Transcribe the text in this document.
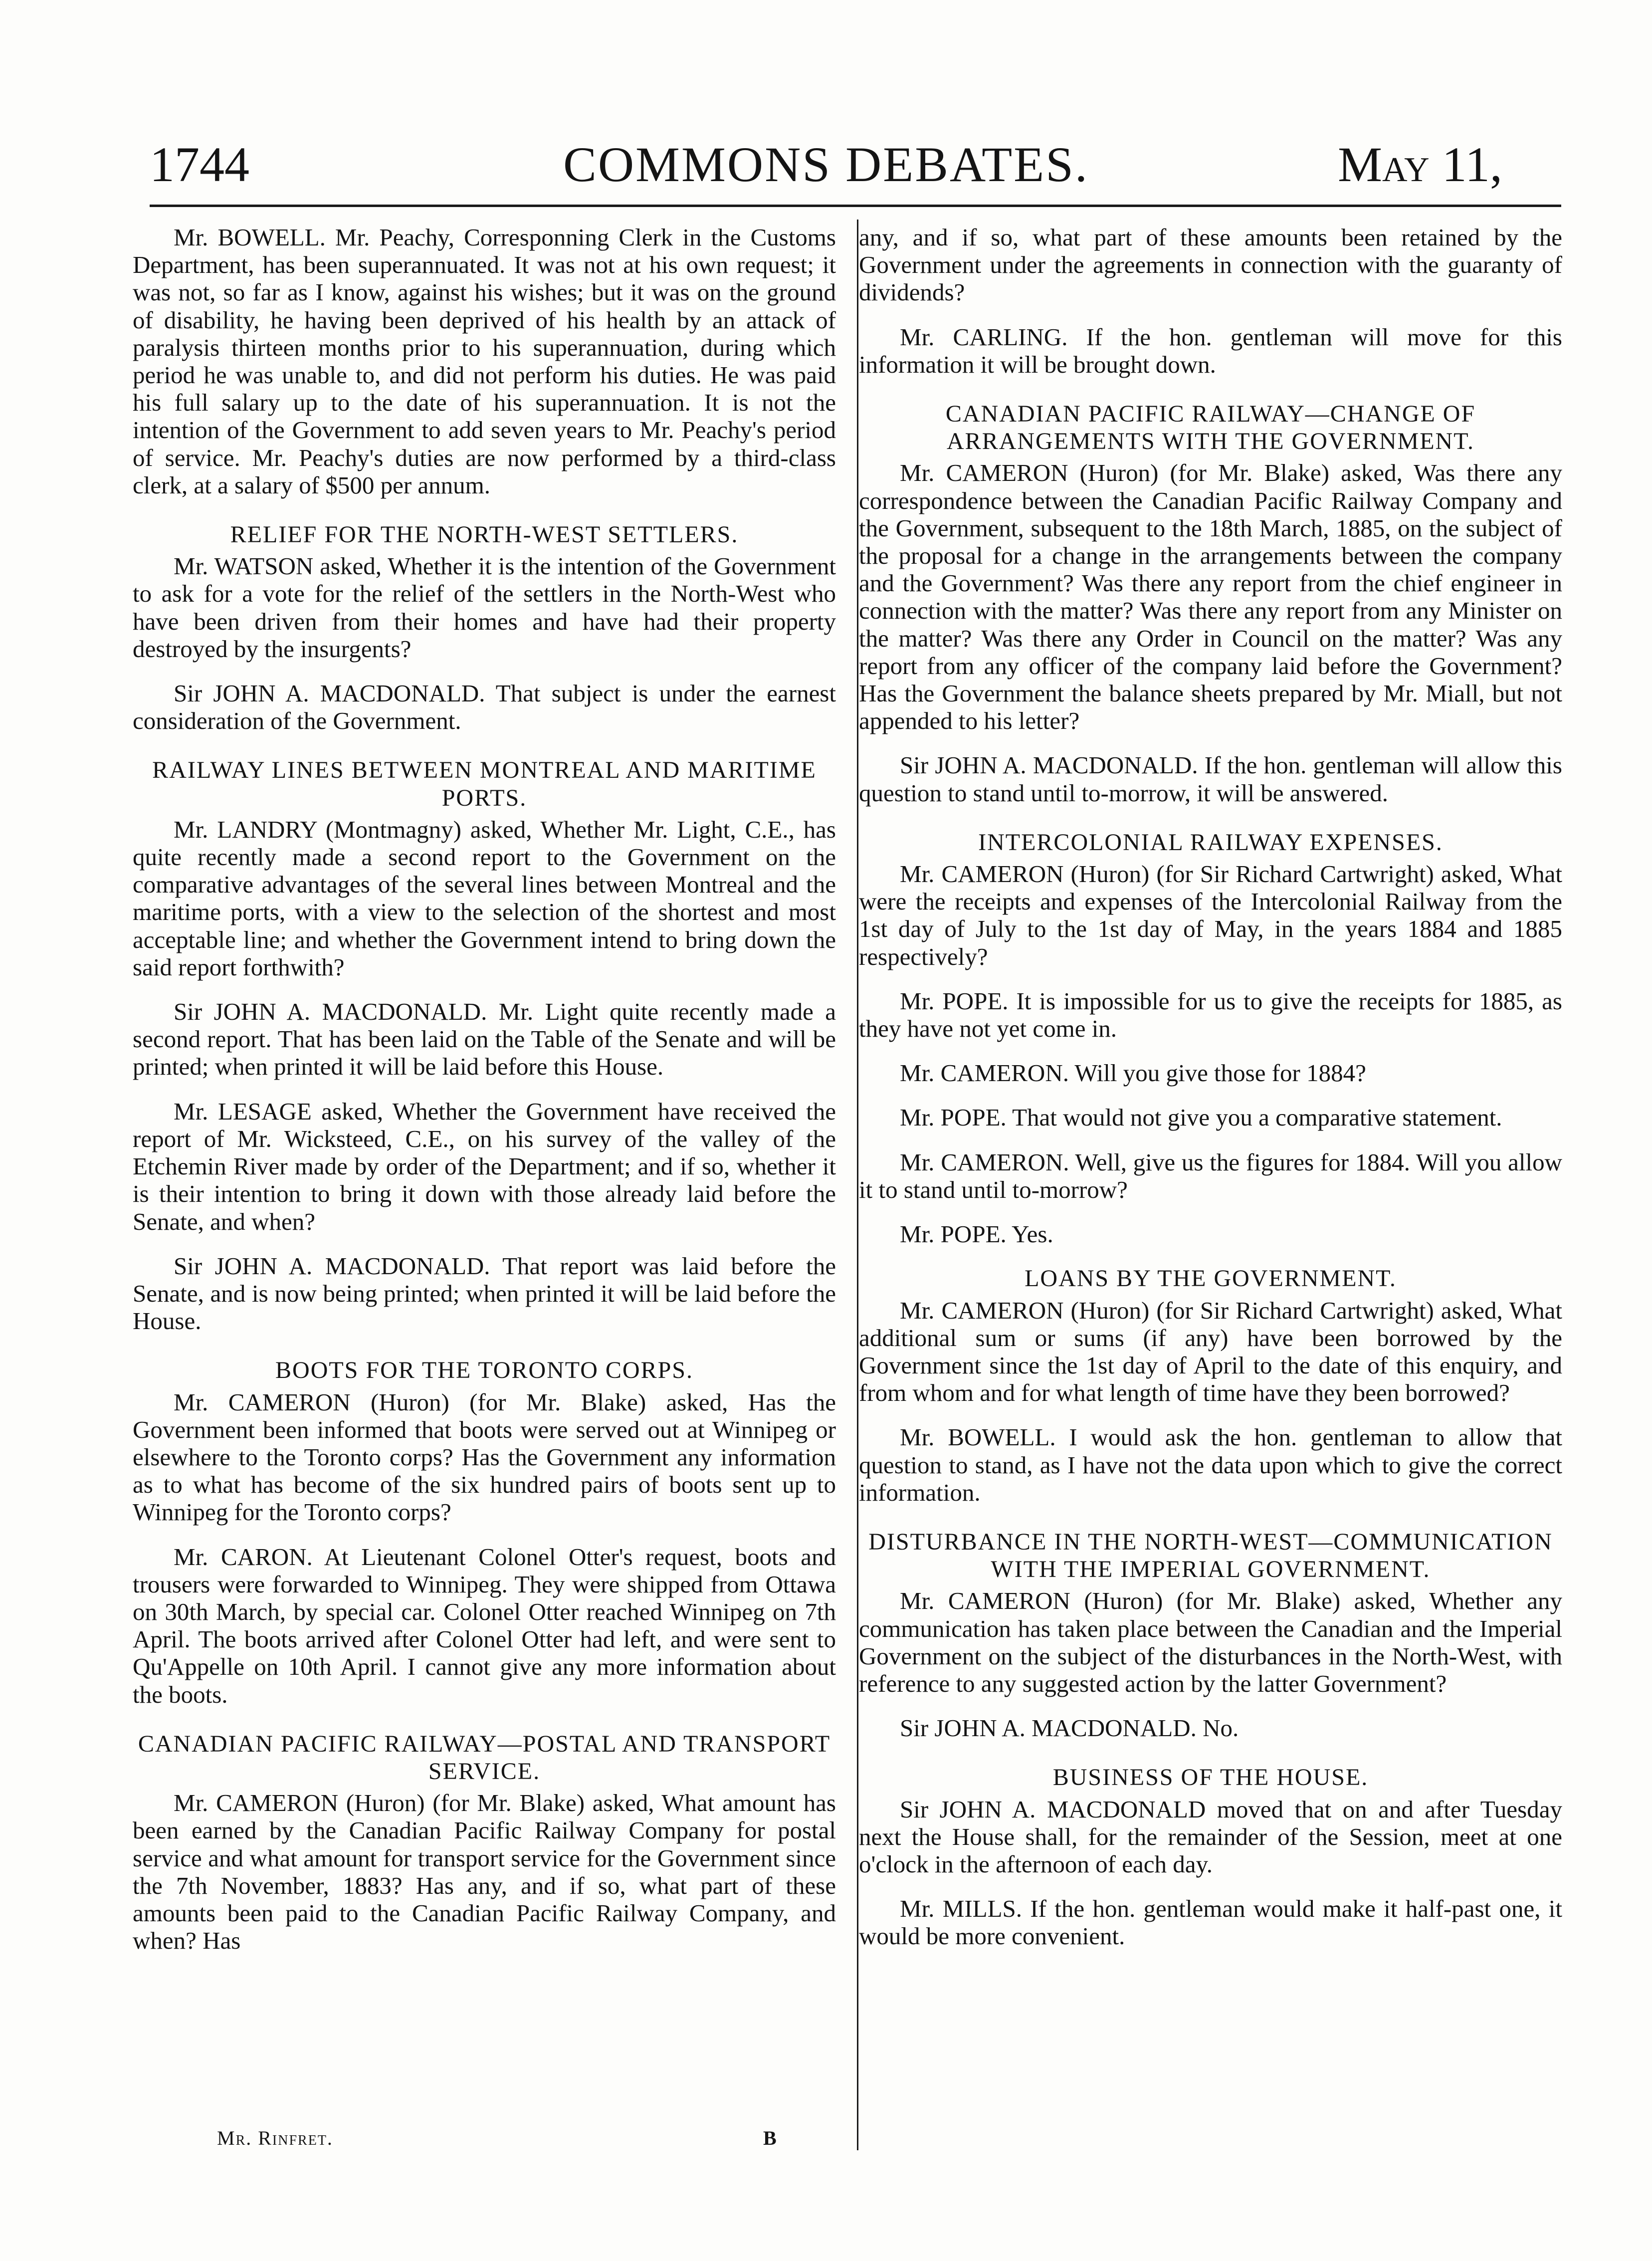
1744	COMMONS DEBATES.	May 11,

Mr. BOWELL. Mr. Peachy, Corresponning Clerk in the Customs Department, has been superannuated. It was not at his own request; it was not, so far as I know, against his wishes; but it was on the ground of disability, he having been deprived of his health by an attack of paralysis thirteen months prior to his superannuation, during which period he was unable to, and did not perform his duties. He was paid his full salary up to the date of his superannuation. It is not the intention of the Government to add seven years to Mr. Peachy's period of service. Mr. Peachy's duties are now performed by a third-class clerk, at a salary of $500 per annum.

RELIEF FOR THE NORTH-WEST SETTLERS.

Mr. WATSON asked, Whether it is the intention of the Government to ask for a vote for the relief of the settlers in the North-West who have been driven from their homes and have had their property destroyed by the insurgents?

Sir JOHN A. MACDONALD. That subject is under the earnest consideration of the Government.

RAILWAY LINES BETWEEN MONTREAL AND MARITIME PORTS.

Mr. LANDRY (Montmagny) asked, Whether Mr. Light, C.E., has quite recently made a second report to the Government on the comparative advantages of the several lines between Montreal and the maritime ports, with a view to the selection of the shortest and most acceptable line; and whether the Government intend to bring down the said report forthwith?

Sir JOHN A. MACDONALD. Mr. Light quite recently made a second report. That has been laid on the Table of the Senate and will be printed; when printed it will be laid before this House.

Mr. LESAGE asked, Whether the Government have received the report of Mr. Wicksteed, C.E., on his survey of the valley of the Etchemin River made by order of the Department; and if so, whether it is their intention to bring it down with those already laid before the Senate, and when?

Sir JOHN A. MACDONALD. That report was laid before the Senate, and is now being printed; when printed it will be laid before the House.

BOOTS FOR THE TORONTO CORPS.

Mr. CAMERON (Huron) (for Mr. Blake) asked, Has the Government been informed that boots were served out at Winnipeg or elsewhere to the Toronto corps? Has the Government any information as to what has become of the six hundred pairs of boots sent up to Winnipeg for the Toronto corps?

Mr. CARON. At Lieutenant Colonel Otter's request, boots and trousers were forwarded to Winnipeg. They were shipped from Ottawa on 30th March, by special car. Colonel Otter reached Winnipeg on 7th April. The boots arrived after Colonel Otter had left, and were sent to Qu'Appelle on 10th April. I cannot give any more information about the boots.

CANADIAN PACIFIC RAILWAY—POSTAL AND TRANSPORT SERVICE.

Mr. CAMERON (Huron) (for Mr. Blake) asked, What amount has been earned by the Canadian Pacific Railway Company for postal service and what amount for transport service for the Government since the 7th November, 1883? Has any, and if so, what part of these amounts been paid to the Canadian Pacific Railway Company, and when? Has

any, and if so, what part of these amounts been retained by the Government under the agreements in connection with the guaranty of dividends?

Mr. CARLING. If the hon. gentleman will move for this information it will be brought down.

CANADIAN PACIFIC RAILWAY—CHANGE OF ARRANGEMENTS WITH THE GOVERNMENT.

Mr. CAMERON (Huron) (for Mr. Blake) asked, Was there any correspondence between the Canadian Pacific Railway Company and the Government, subsequent to the 18th March, 1885, on the subject of the proposal for a change in the arrangements between the company and the Government? Was there any report from the chief engineer in connection with the matter? Was there any report from any Minister on the matter? Was there any Order in Council on the matter? Was any report from any officer of the company laid before the Government? Has the Government the balance sheets prepared by Mr. Miall, but not appended to his letter?

Sir JOHN A. MACDONALD. If the hon. gentleman will allow this question to stand until to-morrow, it will be answered.

INTERCOLONIAL RAILWAY EXPENSES.

Mr. CAMERON (Huron) (for Sir Richard Cartwright) asked, What were the receipts and expenses of the Intercolonial Railway from the 1st day of July to the 1st day of May, in the years 1884 and 1885 respectively?

Mr. POPE. It is impossible for us to give the receipts for 1885, as they have not yet come in.

Mr. CAMERON. Will you give those for 1884?

Mr. POPE. That would not give you a comparative statement.

Mr. CAMERON. Well, give us the figures for 1884. Will you allow it to stand until to-morrow?

Mr. POPE. Yes.

LOANS BY THE GOVERNMENT.

Mr. CAMERON (Huron) (for Sir Richard Cartwright) asked, What additional sum or sums (if any) have been borrowed by the Government since the 1st day of April to the date of this enquiry, and from whom and for what length of time have they been borrowed?

Mr. BOWELL. I would ask the hon. gentleman to allow that question to stand, as I have not the data upon which to give the correct information.

DISTURBANCE IN THE NORTH-WEST—COMMUNICATION WITH THE IMPERIAL GOVERNMENT.

Mr. CAMERON (Huron) (for Mr. Blake) asked, Whether any communication has taken place between the Canadian and the Imperial Government on the subject of the disturbances in the North-West, with reference to any suggested action by the latter Government?

Sir JOHN A. MACDONALD. No.

BUSINESS OF THE HOUSE.

Sir JOHN A. MACDONALD moved that on and after Tuesday next the House shall, for the remainder of the Session, meet at one o'clock in the afternoon of each day.

Mr. MILLS. If the hon. gentleman would make it half-past one, it would be more convenient.

Mr. Rinfret.	B
